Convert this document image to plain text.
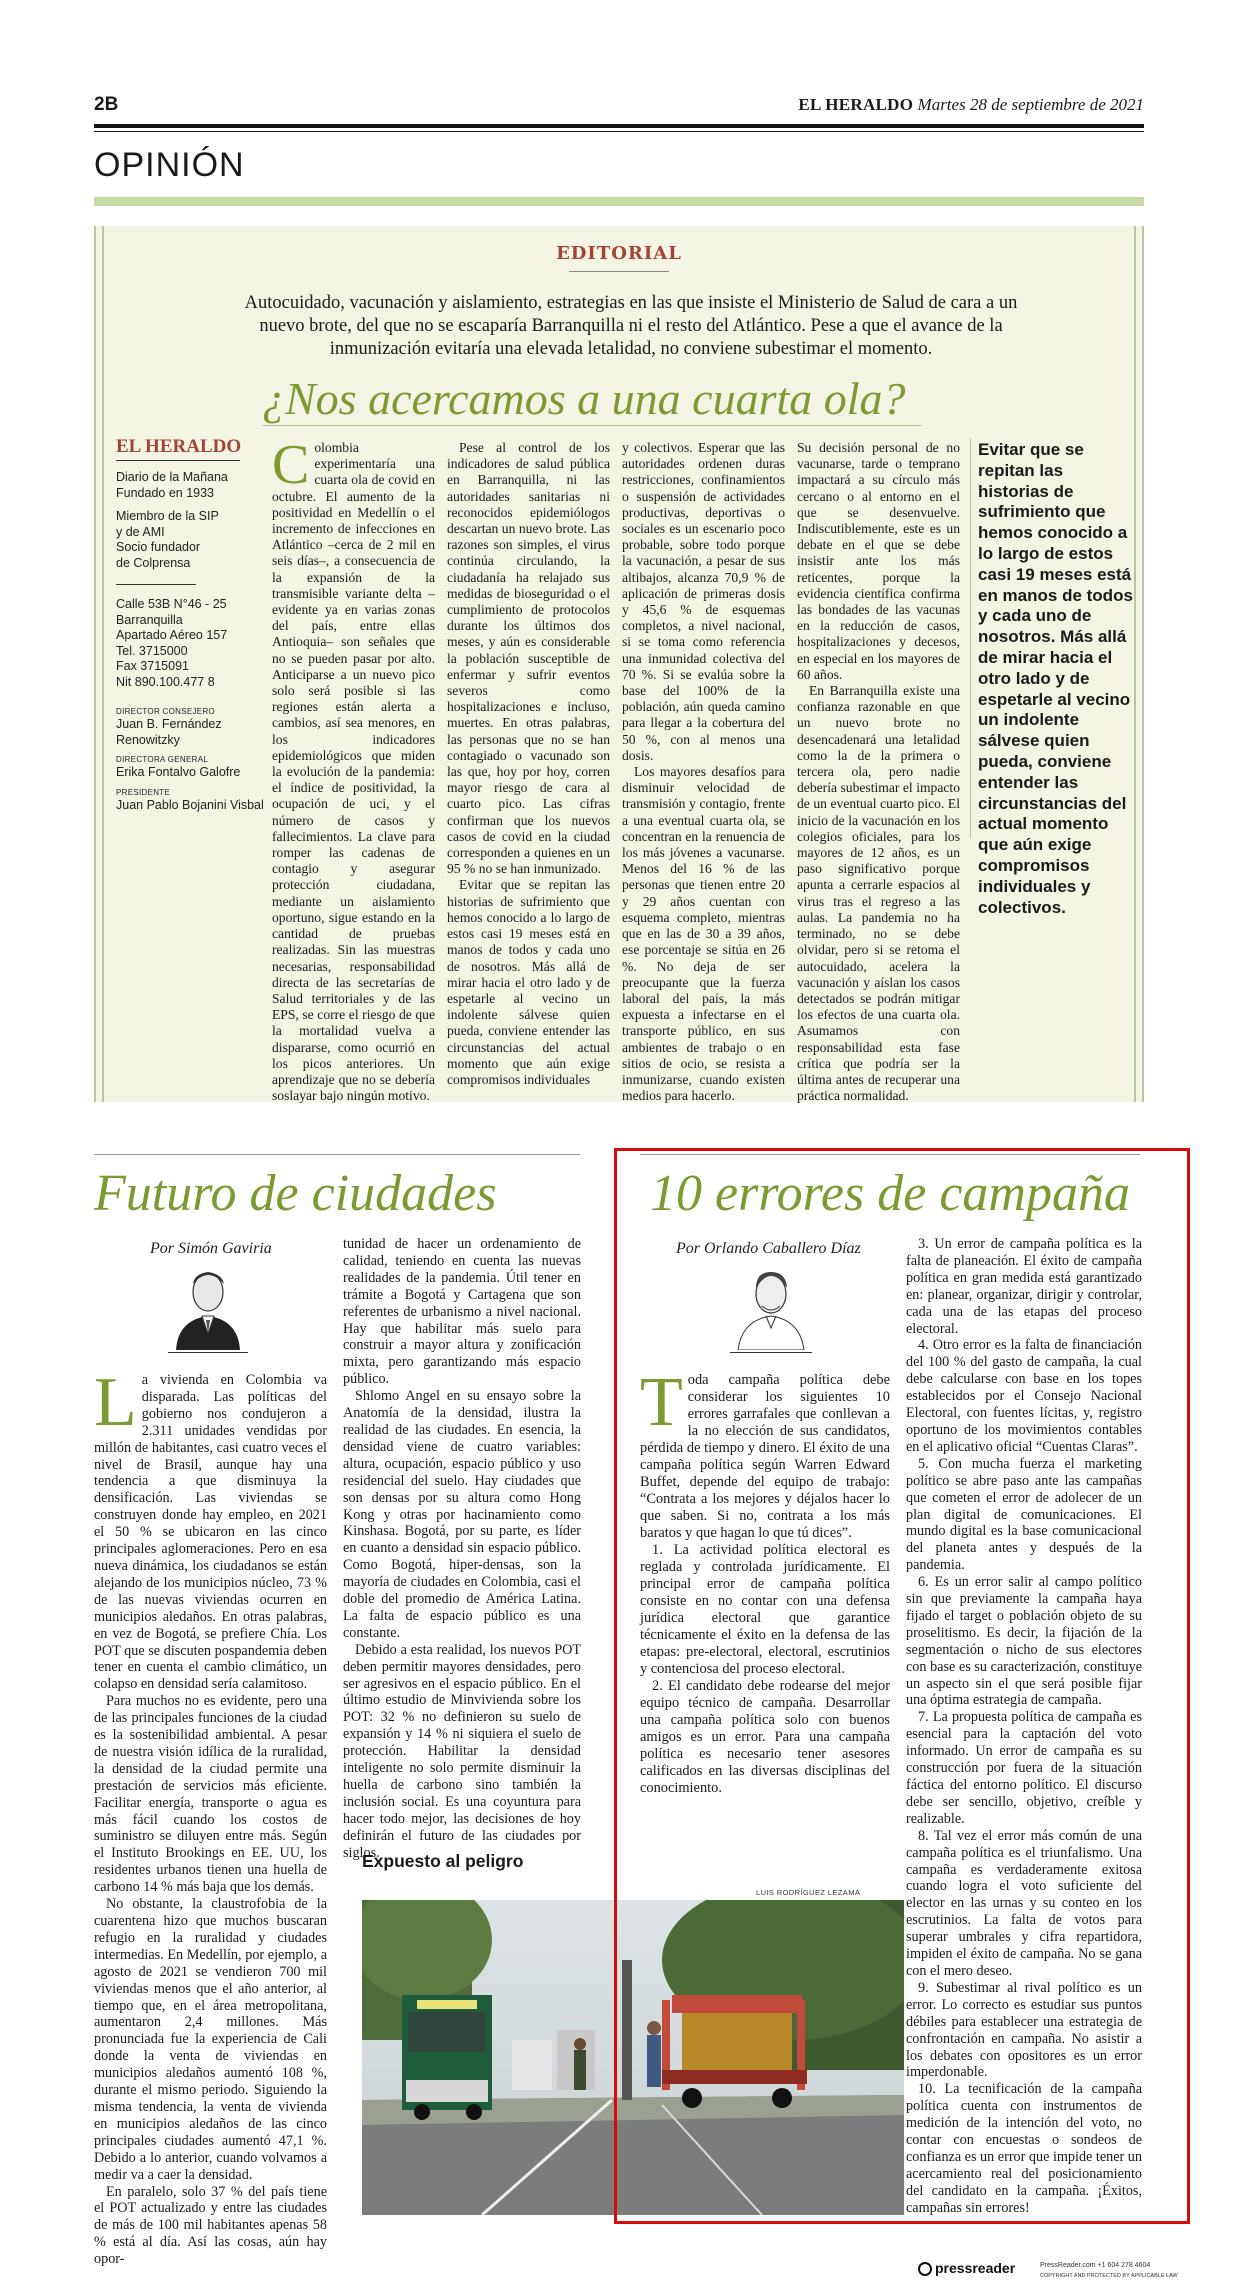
2B	EL HERALDO Martes 28 de septiembre de 2021
OPINIÓN
EDITORIAL
Autocuidado, vacunación y aislamiento, estrategias en las que insiste el Ministerio de Salud de cara a un nuevo brote, del que no se escaparía Barranquilla ni el resto del Atlántico. Pese a que el avance de la inmunización evitaría una elevada letalidad, no conviene subestimar el momento.
¿Nos acercamos a una cuarta ola?
EL HERALDO
Diario de la Mañana
Fundado en 1933
Miembro de la SIP
y de AMI
Socio fundador
de Colprensa
Calle 53B N°46 - 25
Barranquilla
Apartado Aéreo 157
Tel. 3715000
Fax 3715091
Nit 890.100.477 8
DIRECTOR CONSEJERO
Juan B. Fernández Renowitzky
DIRECTORA GENERAL
Erika Fontalvo Galofre
PRESIDENTE
Juan Pablo Bojanini Visbal

Colombia experimentaría una cuarta ola de covid en octubre. El aumento de la positividad en Medellín o el incremento de infecciones en Atlántico –cerca de 2 mil en seis días–, a consecuencia de la expansión de la transmisible variante delta –evidente ya en varias zonas del país, entre ellas Antioquia– son señales que no se pueden pasar por alto. Anticiparse a un nuevo pico solo será posible si las regiones están alerta a cambios, así sea menores, en los indicadores epidemiológicos que miden la evolución de la pandemia: el índice de positividad, la ocupación de uci, y el número de casos y fallecimientos. La clave para romper las cadenas de contagio y asegurar protección ciudadana, mediante un aislamiento oportuno, sigue estando en la cantidad de pruebas realizadas. Sin las muestras necesarias, responsabilidad directa de las secretarías de Salud territoriales y de las EPS, se corre el riesgo de que la mortalidad vuelva a dispararse, como ocurrió en los picos anteriores. Un aprendizaje que no se debería soslayar bajo ningún motivo.

Pese al control de los indicadores de salud pública en Barranquilla, ni las autoridades sanitarias ni reconocidos epidemiólogos descartan un nuevo brote. Las razones son simples, el virus continúa circulando, la ciudadanía ha relajado sus medidas de bioseguridad o el cumplimiento de protocolos durante los últimos dos meses, y aún es considerable la población susceptible de enfermar y sufrir eventos severos como hospitalizaciones e incluso, muertes. En otras palabras, las personas que no se han contagiado o vacunado son las que, hoy por hoy, corren mayor riesgo de cara al cuarto pico. Las cifras confirman que los nuevos casos de covid en la ciudad corresponden a quienes en un 95 % no se han inmunizado.

Evitar que se repitan las historias de sufrimiento que hemos conocido a lo largo de estos casi 19 meses está en manos de todos y cada uno de nosotros. Más allá de mirar hacia el otro lado y de espetarle al vecino un indolente sálvese quien pueda, conviene entender las circunstancias del actual momento que aún exige compromisos individuales

y colectivos. Esperar que las autoridades ordenen duras restricciones, confinamientos o suspensión de actividades productivas, deportivas o sociales es un escenario poco probable, sobre todo porque la vacunación, a pesar de sus altibajos, alcanza 70,9 % de aplicación de primeras dosis y 45,6 % de esquemas completos, a nivel nacional, si se toma como referencia una inmunidad colectiva del 70 %. Si se evalúa sobre la base del 100% de la población, aún queda camino para llegar a la cobertura del 50 %, con al menos una dosis.

Los mayores desafíos para disminuir velocidad de transmisión y contagio, frente a una eventual cuarta ola, se concentran en la renuencia de los más jóvenes a vacunarse. Menos del 16 % de las personas que tienen entre 20 y 29 años cuentan con esquema completo, mientras que en las de 30 a 39 años, ese porcentaje se sitúa en 26 %. No deja de ser preocupante que la fuerza laboral del país, la más expuesta a infectarse en el transporte público, en sus ambientes de trabajo o en sitios de ocio, se resista a inmunizarse, cuando existen medios para hacerlo.

Su decisión personal de no vacunarse, tarde o temprano impactará a su círculo más cercano o al entorno en el que se desenvuelve. Indiscutiblemente, este es un debate en el que se debe insistir ante los más reticentes, porque la evidencia científica confirma las bondades de las vacunas en la reducción de casos, hospitalizaciones y decesos, en especial en los mayores de 60 años.

En Barranquilla existe una confianza razonable en que un nuevo brote no desencadenará una letalidad como la de la primera o tercera ola, pero nadie debería subestimar el impacto de un eventual cuarto pico. El inicio de la vacunación en los colegios oficiales, para los mayores de 12 años, es un paso significativo porque apunta a cerrarle espacios al virus tras el regreso a las aulas. La pandemia no ha terminado, no se debe olvidar, pero si se retoma el autocuidado, acelera la vacunación y aíslan los casos detectados se podrán mitigar los efectos de una cuarta ola. Asumamos con responsabilidad esta fase crítica que podría ser la última antes de recuperar una práctica normalidad.

Evitar que se repitan las historias de sufrimiento que hemos conocido a lo largo de estos casi 19 meses está en manos de todos y cada uno de nosotros. Más allá de mirar hacia el otro lado y de espetarle al vecino un indolente sálvese quien pueda, conviene entender las circunstancias del actual momento que aún exige compromisos individuales y colectivos.
Futuro de ciudades
Por Simón Gaviria

La vivienda en Colombia va disparada. Las políticas del gobierno nos condujeron a 2.311 unidades vendidas por millón de habitantes, casi cuatro veces el nivel de Brasil, aunque hay una tendencia a que disminuya la densificación. Las viviendas se construyen donde hay empleo, en 2021 el 50 % se ubicaron en las cinco principales aglomeraciones. Pero en esa nueva dinámica, los ciudadanos se están alejando de los municipios núcleo, 73 % de las nuevas viviendas ocurren en municipios aledaños. En otras palabras, en vez de Bogotá, se prefiere Chía. Los POT que se discuten pospandemia deben tener en cuenta el cambio climático, un colapso en densidad sería calamitoso.

Para muchos no es evidente, pero una de las principales funciones de la ciudad es la sostenibilidad ambiental. A pesar de nuestra visión idílica de la ruralidad, la densidad de la ciudad permite una prestación de servicios más eficiente. Facilitar energía, transporte o agua es más fácil cuando los costos de suministro se diluyen entre más. Según el Instituto Brookings en EE. UU, los residentes urbanos tienen una huella de carbono 14 % más baja que los demás.

No obstante, la claustrofobia de la cuarentena hizo que muchos buscaran refugio en la ruralidad y ciudades intermedias. En Medellín, por ejemplo, a agosto de 2021 se vendieron 700 mil viviendas menos que el año anterior, al tiempo que, en el área metropolitana, aumentaron 2,4 millones. Más pronunciada fue la experiencia de Cali donde la venta de viviendas en municipios aledaños aumentó 108 %, durante el mismo periodo. Siguiendo la misma tendencia, la venta de vivienda en municipios aledaños de las cinco principales ciudades aumentó 47,1 %. Debido a lo anterior, cuando volvamos a medir va a caer la densidad.

En paralelo, solo 37 % del país tiene el POT actualizado y entre las ciudades de más de 100 mil habitantes apenas 58 % está al día. Así las cosas, aún hay opor-

tunidad de hacer un ordenamiento de calidad, teniendo en cuenta las nuevas realidades de la pandemia. Útil tener en trámite a Bogotá y Cartagena que son referentes de urbanismo a nivel nacional. Hay que habilitar más suelo para construir a mayor altura y zonificación mixta, pero garantizando más espacio público.

Shlomo Angel en su ensayo sobre la Anatomía de la densidad, ilustra la realidad de las ciudades. En esencia, la densidad viene de cuatro variables: altura, ocupación, espacio público y uso residencial del suelo. Hay ciudades que son densas por su altura como Hong Kong y otras por hacinamiento como Kinshasa. Bogotá, por su parte, es líder en cuanto a densidad sin espacio público. Como Bogotá, hiper-densas, son la mayoría de ciudades en Colombia, casi el doble del promedio de América Latina. La falta de espacio público es una constante.

Debido a esta realidad, los nuevos POT deben permitir mayores densidades, pero ser agresivos en el espacio público. En el último estudio de Minvivienda sobre los POT: 32 % no definieron su suelo de expansión y 14 % ni siquiera el suelo de protección. Habilitar la densidad inteligente no solo permite disminuir la huella de carbono sino también la inclusión social. Es una coyuntura para hacer todo mejor, las decisiones de hoy definirán el futuro de las ciudades por siglos.

Expuesto al peligro
LUIS RODRÍGUEZ LEZAMA
10 errores de campaña
Por Orlando Caballero Díaz

Toda campaña política debe considerar los siguientes 10 errores garrafales que conllevan a la no elección de sus candidatos, pérdida de tiempo y dinero. El éxito de una campaña política según Warren Edward Buffet, depende del equipo de trabajo: “Contrata a los mejores y déjalos hacer lo que saben. Si no, contrata a los más baratos y que hagan lo que tú dices”.

1. La actividad política electoral es reglada y controlada jurídicamente. El principal error de campaña política consiste en no contar con una defensa jurídica electoral que garantice técnicamente el éxito en la defensa de las etapas: pre-electoral, electoral, escrutinios y contenciosa del proceso electoral.

2. El candidato debe rodearse del mejor equipo técnico de campaña. Desarrollar una campaña política solo con buenos amigos es un error. Para una campaña política es necesario tener asesores calificados en las diversas disciplinas del conocimiento.

3. Un error de campaña política es la falta de planeación. El éxito de campaña política en gran medida está garantizado en: planear, organizar, dirigir y controlar, cada una de las etapas del proceso electoral.

4. Otro error es la falta de financiación del 100 % del gasto de campaña, la cual debe calcularse con base en los topes establecidos por el Consejo Nacional Electoral, con fuentes lícitas, y, registro oportuno de los movimientos contables en el aplicativo oficial “Cuentas Claras”.

5. Con mucha fuerza el marketing político se abre paso ante las campañas que cometen el error de adolecer de un plan digital de comunicaciones. El mundo digital es la base comunicacional del planeta antes y después de la pandemia.

6. Es un error salir al campo político sin que previamente la campaña haya fijado el target o población objeto de su proselitismo. Es decir, la fijación de la segmentación o nicho de sus electores con base es su caracterización, constituye un aspecto sin el que será posible fijar una óptima estrategia de campaña.

7. La propuesta política de campaña es esencial para la captación del voto informado. Un error de campaña es su construcción por fuera de la situación fáctica del entorno político. El discurso debe ser sencillo, objetivo, creíble y realizable.

8. Tal vez el error más común de una campaña política es el triunfalismo. Una campaña es verdaderamente exitosa cuando logra el voto suficiente del elector en las urnas y su conteo en los escrutinios. La falta de votos para superar umbrales y cifra repartidora, impiden el éxito de campaña. No se gana con el mero deseo.

9. Subestimar al rival político es un error. Lo correcto es estudiar sus puntos débiles para establecer una estrategia de confrontación en campaña. No asistir a los debates con opositores es un error imperdonable.

10. La tecnificación de la campaña política cuenta con instrumentos de medición de la intención del voto, no contar con encuestas o sondeos de confianza es un error que impide tener un acercamiento real del posicionamiento del candidato en la campaña. ¡Éxitos, campañas sin errores!

pressreader	PressReader.com +1 604 278 4604
COPYRIGHT AND PROTECTED BY APPLICABLE LAW
